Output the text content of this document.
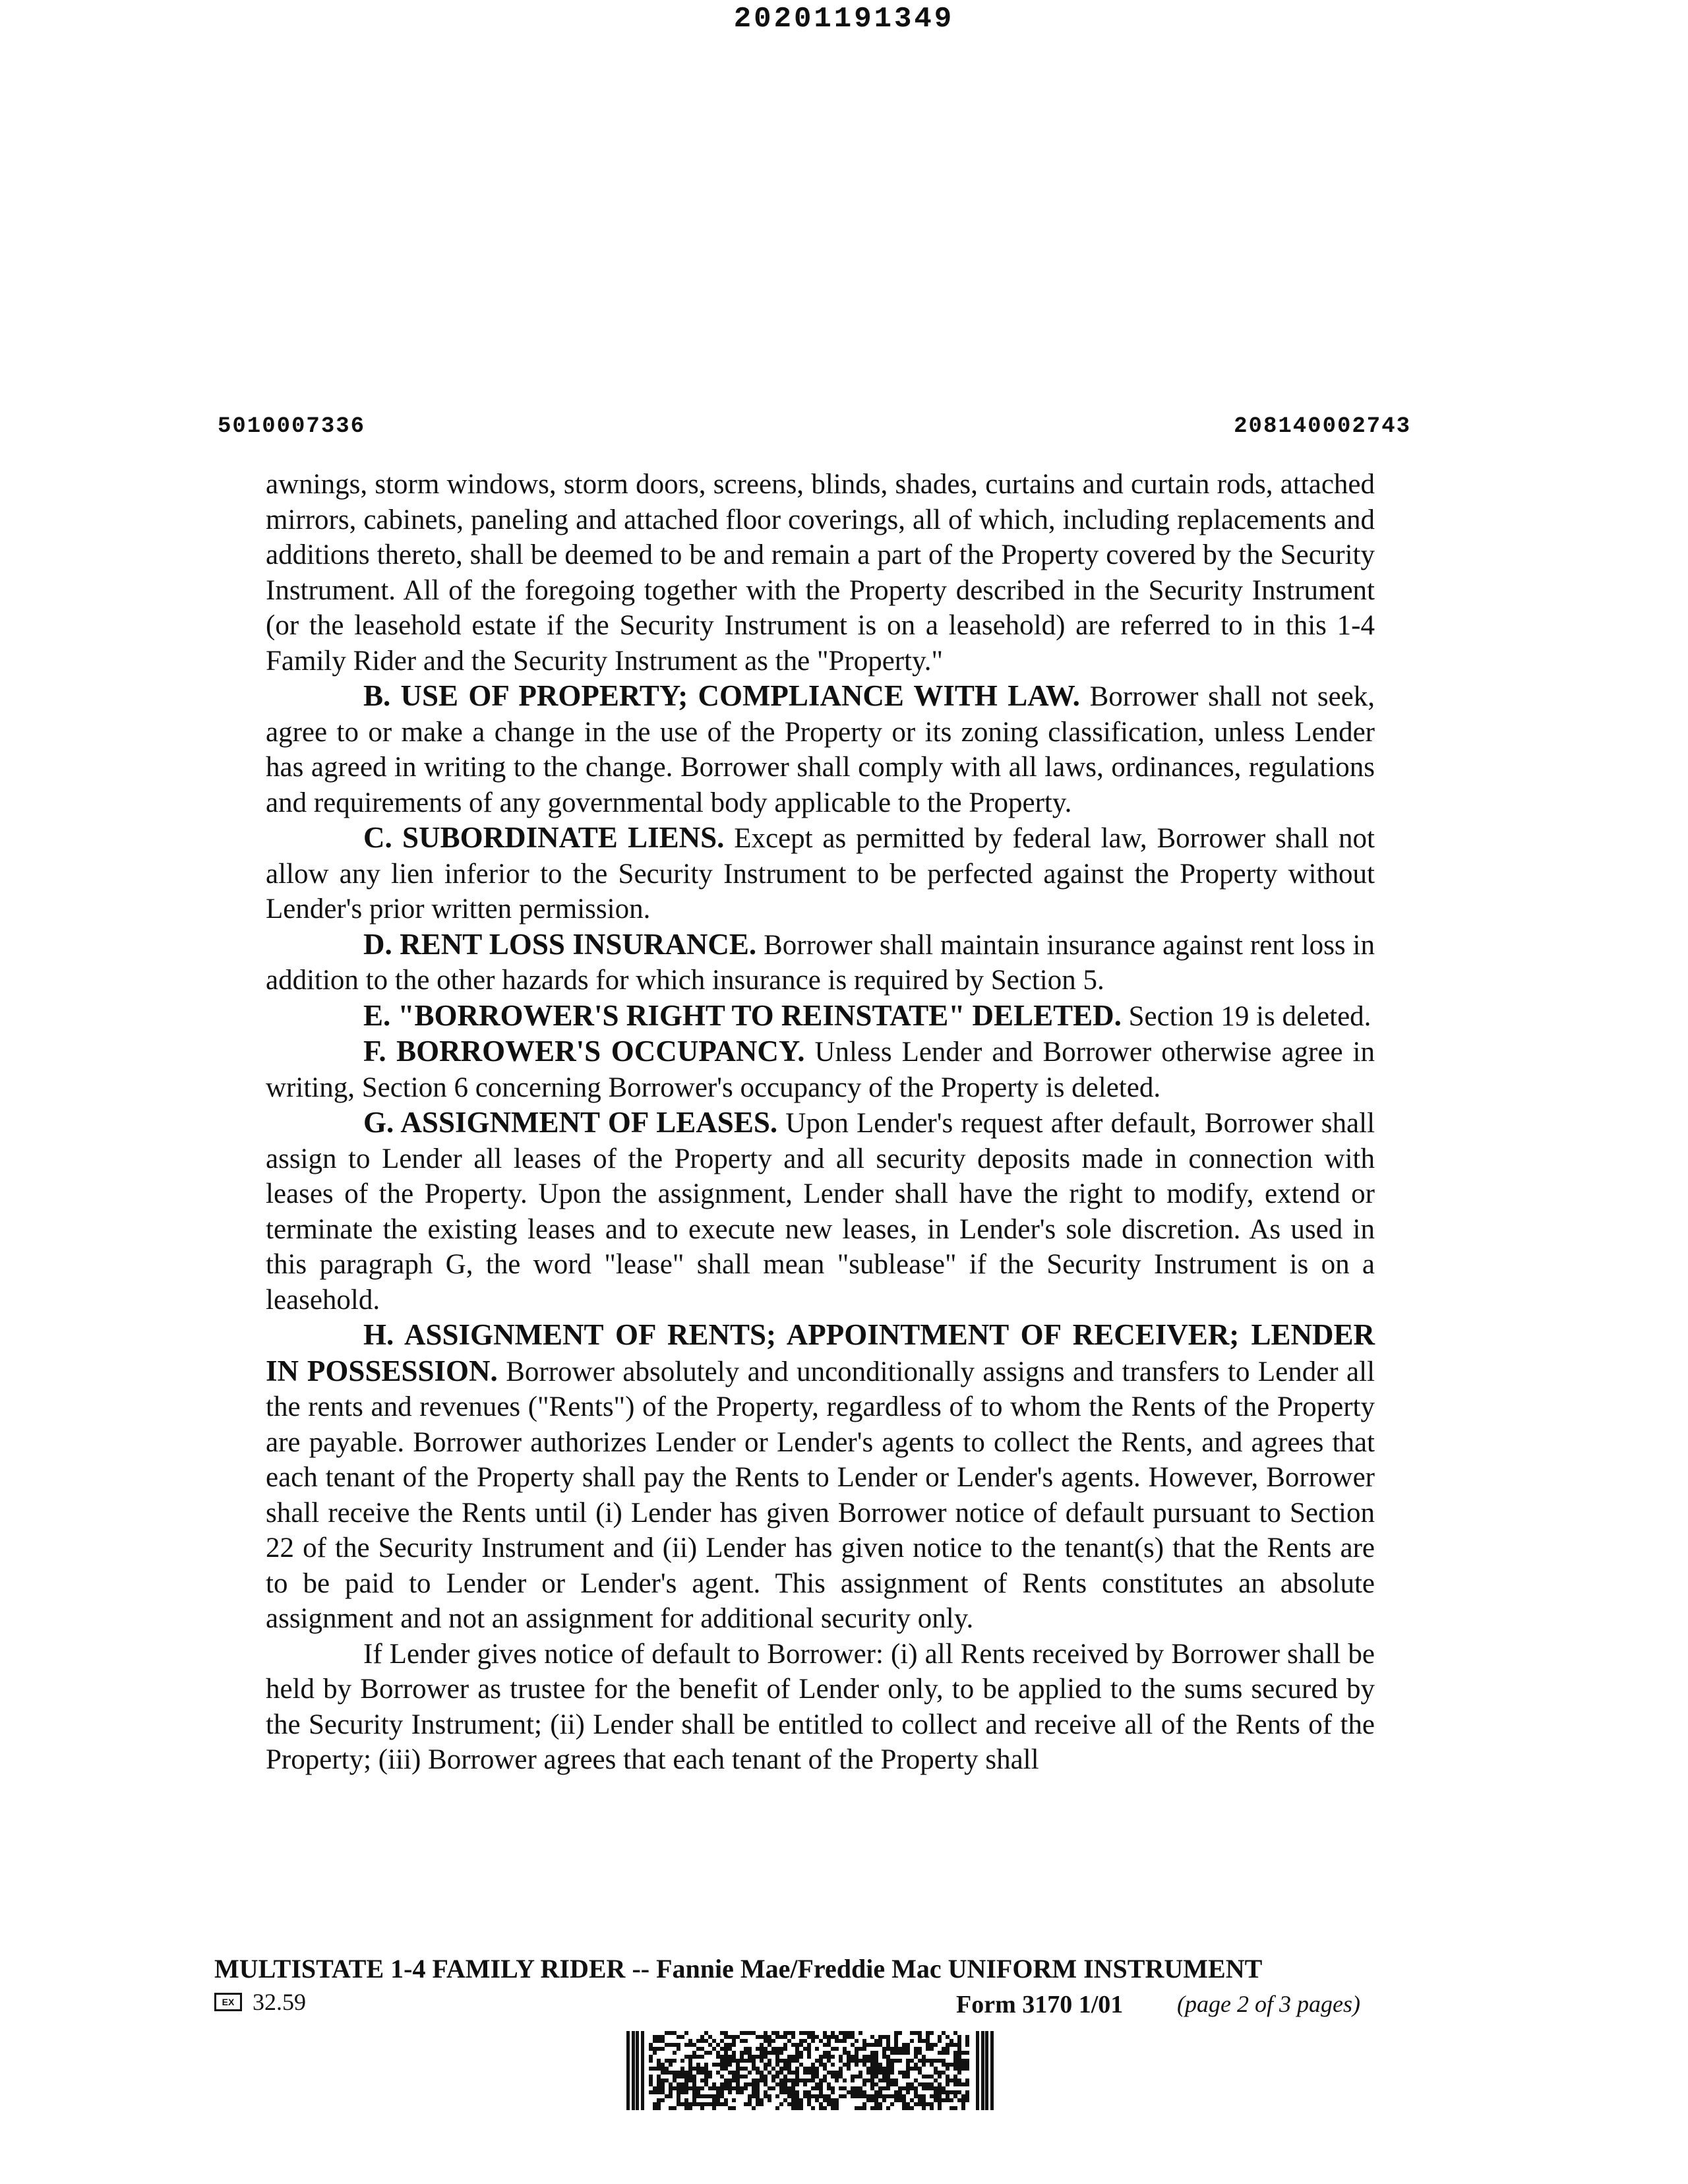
20201191349
5010007336	208140002743

awnings, storm windows, storm doors, screens, blinds, shades, curtains and curtain rods, attached mirrors, cabinets, paneling and attached floor coverings, all of which, including replacements and additions thereto, shall be deemed to be and remain a part of the Property covered by the Security Instrument. All of the foregoing together with the Property described in the Security Instrument (or the leasehold estate if the Security Instrument is on a leasehold) are referred to in this 1-4 Family Rider and the Security Instrument as the "Property."

B. USE OF PROPERTY; COMPLIANCE WITH LAW. Borrower shall not seek, agree to or make a change in the use of the Property or its zoning classification, unless Lender has agreed in writing to the change. Borrower shall comply with all laws, ordinances, regulations and requirements of any governmental body applicable to the Property.

C. SUBORDINATE LIENS. Except as permitted by federal law, Borrower shall not allow any lien inferior to the Security Instrument to be perfected against the Property without Lender's prior written permission.

D. RENT LOSS INSURANCE. Borrower shall maintain insurance against rent loss in addition to the other hazards for which insurance is required by Section 5.

E. "BORROWER'S RIGHT TO REINSTATE" DELETED. Section 19 is deleted.

F. BORROWER'S OCCUPANCY. Unless Lender and Borrower otherwise agree in writing, Section 6 concerning Borrower's occupancy of the Property is deleted.

G. ASSIGNMENT OF LEASES. Upon Lender's request after default, Borrower shall assign to Lender all leases of the Property and all security deposits made in connection with leases of the Property. Upon the assignment, Lender shall have the right to modify, extend or terminate the existing leases and to execute new leases, in Lender's sole discretion. As used in this paragraph G, the word "lease" shall mean "sublease" if the Security Instrument is on a leasehold.

H. ASSIGNMENT OF RENTS; APPOINTMENT OF RECEIVER; LENDER IN POSSESSION. Borrower absolutely and unconditionally assigns and transfers to Lender all the rents and revenues ("Rents") of the Property, regardless of to whom the Rents of the Property are payable. Borrower authorizes Lender or Lender's agents to collect the Rents, and agrees that each tenant of the Property shall pay the Rents to Lender or Lender's agents. However, Borrower shall receive the Rents until (i) Lender has given Borrower notice of default pursuant to Section 22 of the Security Instrument and (ii) Lender has given notice to the tenant(s) that the Rents are to be paid to Lender or Lender's agent. This assignment of Rents constitutes an absolute assignment and not an assignment for additional security only.

If Lender gives notice of default to Borrower: (i) all Rents received by Borrower shall be held by Borrower as trustee for the benefit of Lender only, to be applied to the sums secured by the Security Instrument; (ii) Lender shall be entitled to collect and receive all of the Rents of the Property; (iii) Borrower agrees that each tenant of the Property shall

MULTISTATE 1-4 FAMILY RIDER -- Fannie Mae/Freddie Mac UNIFORM INSTRUMENT
EX 32.59	Form 3170 1/01 (page 2 of 3 pages)
